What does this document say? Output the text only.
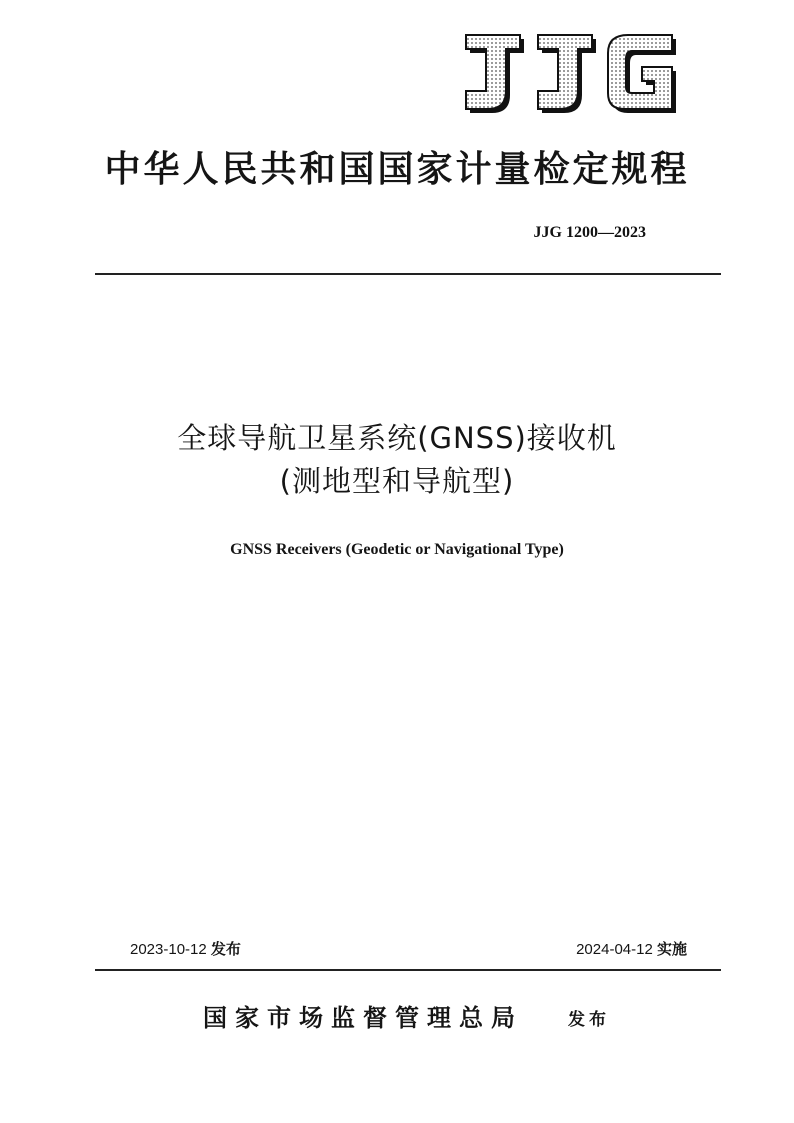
中华人民共和国国家计量检定规程
JJG 1200—2023
全球导航卫星系统(GNSS)接收机
(测地型和导航型)
GNSS Receivers (Geodetic or Navigational Type)
2023-10-12 发布	2024-04-12 实施
国家市场监督管理总局	发布
